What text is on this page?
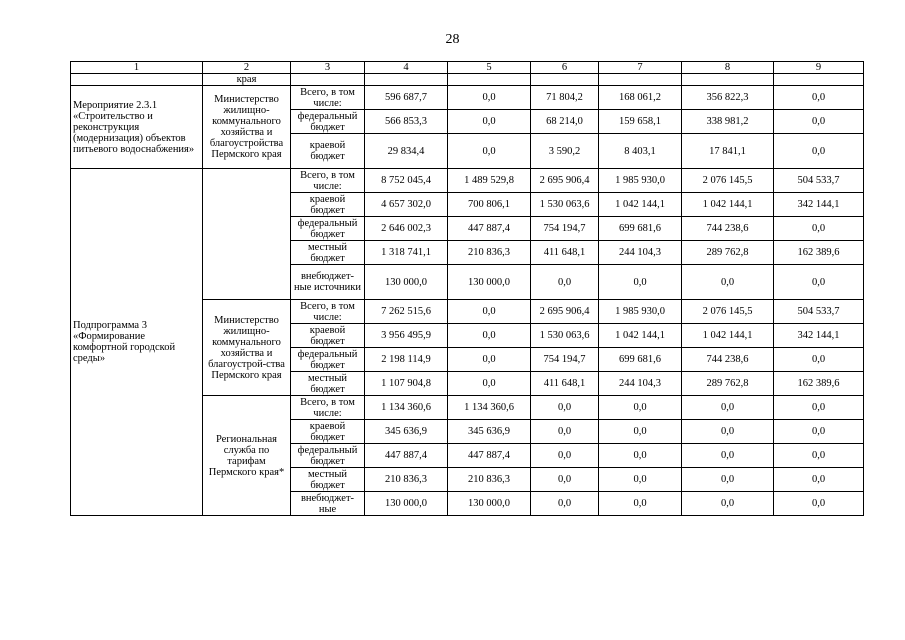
28
1	2	3	4	5	6	7	8	9
	края							
Мероприятие 2.3.1 «Строительство и реконструкция (модернизация) объектов питьевого водоснабжения»	Министерство жилищно-коммунального хозяйства и благоустройства Пермского края	Всего, в том числе:	596 687,7	0,0	71 804,2	168 061,2	356 822,3	0,0
		федеральный бюджет	566 853,3	0,0	68 214,0	159 658,1	338 981,2	0,0
		краевой бюджет	29 834,4	0,0	3 590,2	8 403,1	17 841,1	0,0
Подпрограмма 3 «Формирование комфортной городской среды»		Всего, в том числе:	8 752 045,4	1 489 529,8	2 695 906,4	1 985 930,0	2 076 145,5	504 533,7
		краевой бюджет	4 657 302,0	700 806,1	1 530 063,6	1 042 144,1	1 042 144,1	342 144,1
		федеральный бюджет	2 646 002,3	447 887,4	754 194,7	699 681,6	744 238,6	0,0
		местный бюджет	1 318 741,1	210 836,3	411 648,1	244 104,3	289 762,8	162 389,6
		внебюджет-ные источники	130 000,0	130 000,0	0,0	0,0	0,0	0,0
	Министерство жилищно-коммунального хозяйства и благоустрой-ства Пермского края	Всего, в том числе:	7 262 515,6	0,0	2 695 906,4	1 985 930,0	2 076 145,5	504 533,7
		краевой бюджет	3 956 495,9	0,0	1 530 063,6	1 042 144,1	1 042 144,1	342 144,1
		федеральный бюджет	2 198 114,9	0,0	754 194,7	699 681,6	744 238,6	0,0
		местный бюджет	1 107 904,8	0,0	411 648,1	244 104,3	289 762,8	162 389,6
	Региональная служба по тарифам Пермского края*	Всего, в том числе:	1 134 360,6	1 134 360,6	0,0	0,0	0,0	0,0
		краевой бюджет	345 636,9	345 636,9	0,0	0,0	0,0	0,0
		федеральный бюджет	447 887,4	447 887,4	0,0	0,0	0,0	0,0
		местный бюджет	210 836,3	210 836,3	0,0	0,0	0,0	0,0
		внебюджет-ные	130 000,0	130 000,0	0,0	0,0	0,0	0,0
